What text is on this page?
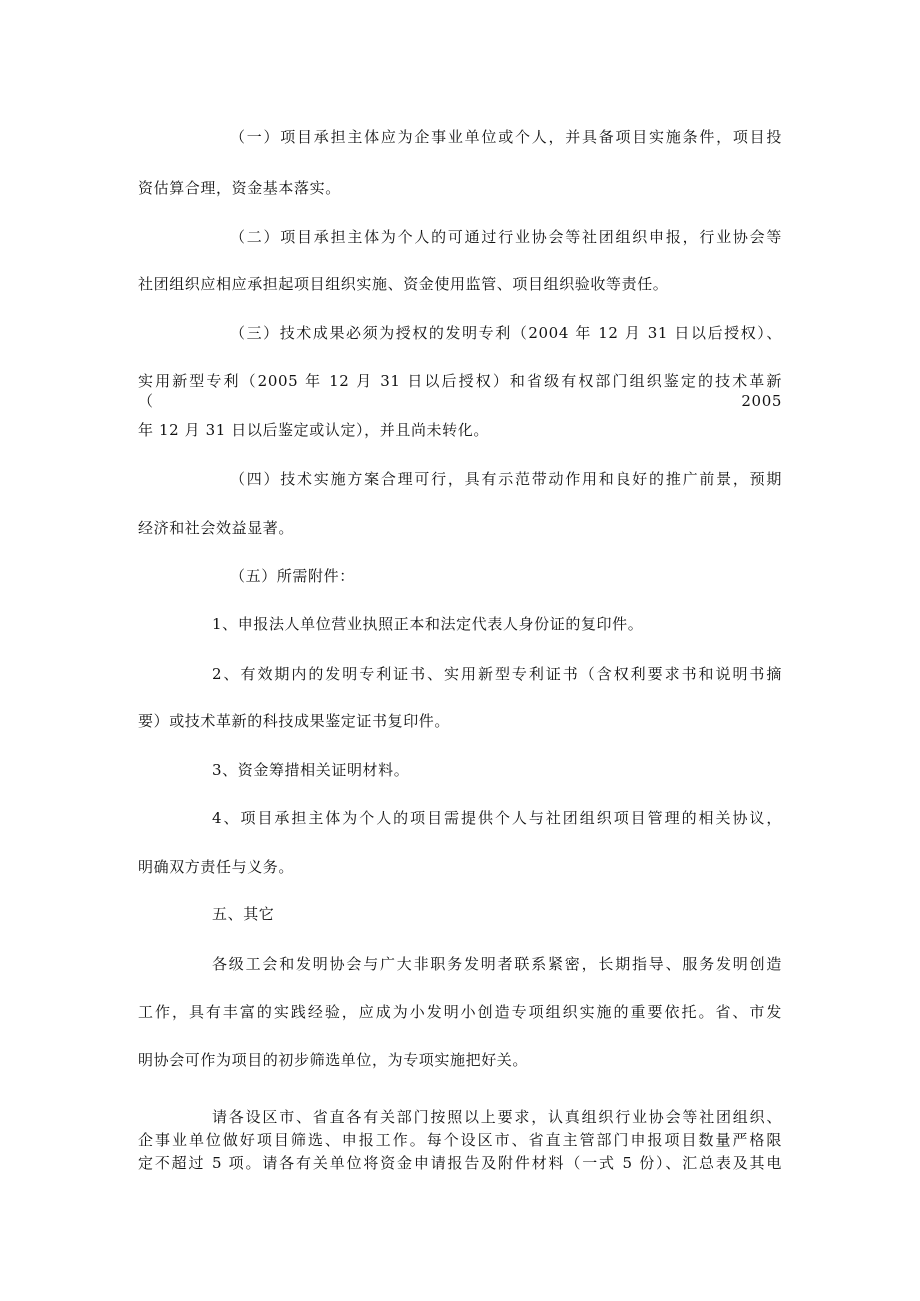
（一）项目承担主体应为企事业单位或个人，并具备项目实施条件，项目投
资估算合理，资金基本落实。
（二）项目承担主体为个人的可通过行业协会等社团组织申报，行业协会等
社团组织应相应承担起项目组织实施、资金使用监管、项目组织验收等责任。
（三）技术成果必须为授权的发明专利（2004 年 12 月 31 日以后授权）、
实用新型专利（2005 年 12 月 31 日以后授权）和省级有权部门组织鉴定的技术革新（2005
年 12 月 31 日以后鉴定或认定），并且尚未转化。
（四）技术实施方案合理可行，具有示范带动作用和良好的推广前景，预期
经济和社会效益显著。
（五）所需附件：
1、申报法人单位营业执照正本和法定代表人身份证的复印件。
2、有效期内的发明专利证书、实用新型专利证书（含权利要求书和说明书摘
要）或技术革新的科技成果鉴定证书复印件。
3、资金筹措相关证明材料。
4、项目承担主体为个人的项目需提供个人与社团组织项目管理的相关协议，
明确双方责任与义务。
五、其它
各级工会和发明协会与广大非职务发明者联系紧密，长期指导、服务发明创造
工作，具有丰富的实践经验，应成为小发明小创造专项组织实施的重要依托。省、市发
明协会可作为项目的初步筛选单位，为专项实施把好关。
请各设区市、省直各有关部门按照以上要求，认真组织行业协会等社团组织、
企事业单位做好项目筛选、申报工作。每个设区市、省直主管部门申报项目数量严格限
定不超过 5 项。请各有关单位将资金申请报告及附件材料（一式 5 份）、汇总表及其电
